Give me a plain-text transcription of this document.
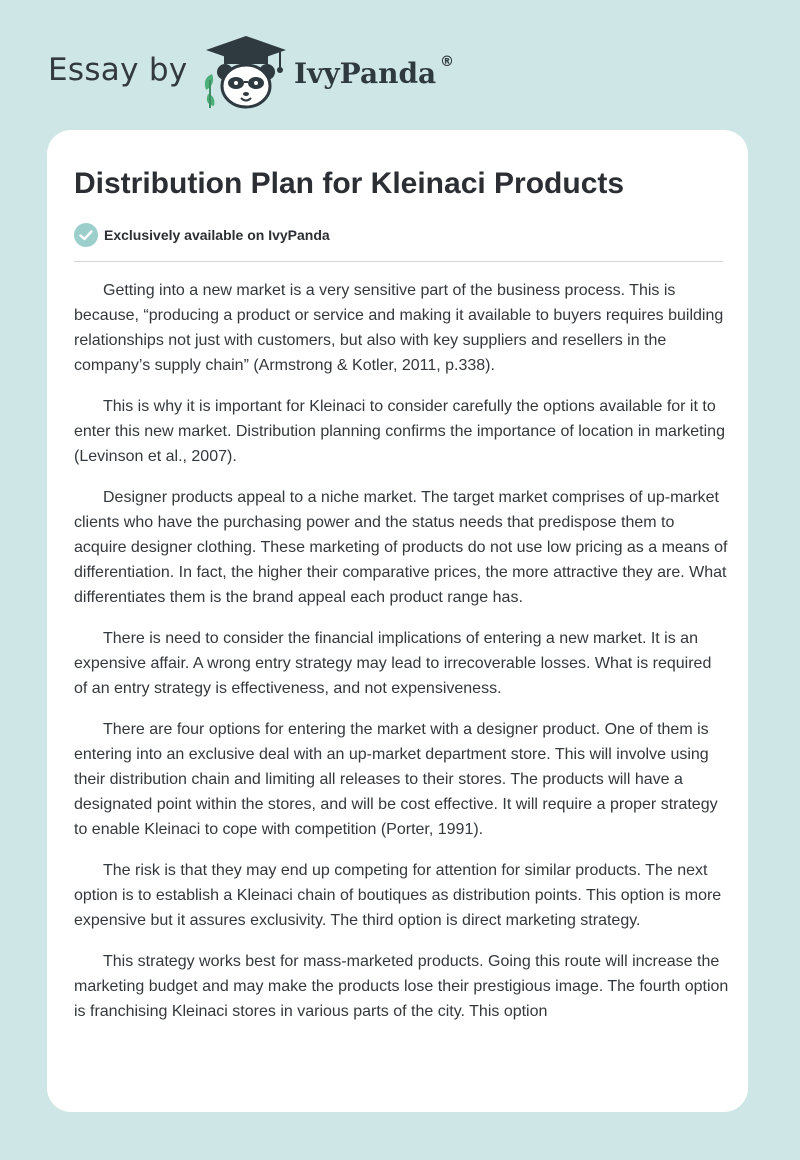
Essay by	IvyPanda ®
Distribution Plan for Kleinaci Products
Exclusively available on IvyPanda

Getting into a new market is a very sensitive part of the business process. This is because, “producing a product or service and making it available to buyers requires building relationships not just with customers, but also with key suppliers and resellers in the company’s supply chain” (Armstrong & Kotler, 2011, p.338).

This is why it is important for Kleinaci to consider carefully the options available for it to enter this new market. Distribution planning confirms the importance of location in marketing (Levinson et al., 2007).

Designer products appeal to a niche market. The target market comprises of up-market clients who have the purchasing power and the status needs that predispose them to acquire designer clothing. These marketing of products do not use low pricing as a means of differentiation. In fact, the higher their comparative prices, the more attractive they are. What differentiates them is the brand appeal each product range has.

There is need to consider the financial implications of entering a new market. It is an expensive affair. A wrong entry strategy may lead to irrecoverable losses. What is required of an entry strategy is effectiveness, and not expensiveness.

There are four options for entering the market with a designer product. One of them is entering into an exclusive deal with an up-market department store. This will involve using their distribution chain and limiting all releases to their stores. The products will have a designated point within the stores, and will be cost effective. It will require a proper strategy to enable Kleinaci to cope with competition (Porter, 1991).

The risk is that they may end up competing for attention for similar products. The next option is to establish a Kleinaci chain of boutiques as distribution points. This option is more expensive but it assures exclusivity. The third option is direct marketing strategy.

This strategy works best for mass-marketed products. Going this route will increase the marketing budget and may make the products lose their prestigious image. The fourth option is franchising Kleinaci stores in various parts of the city. This option
